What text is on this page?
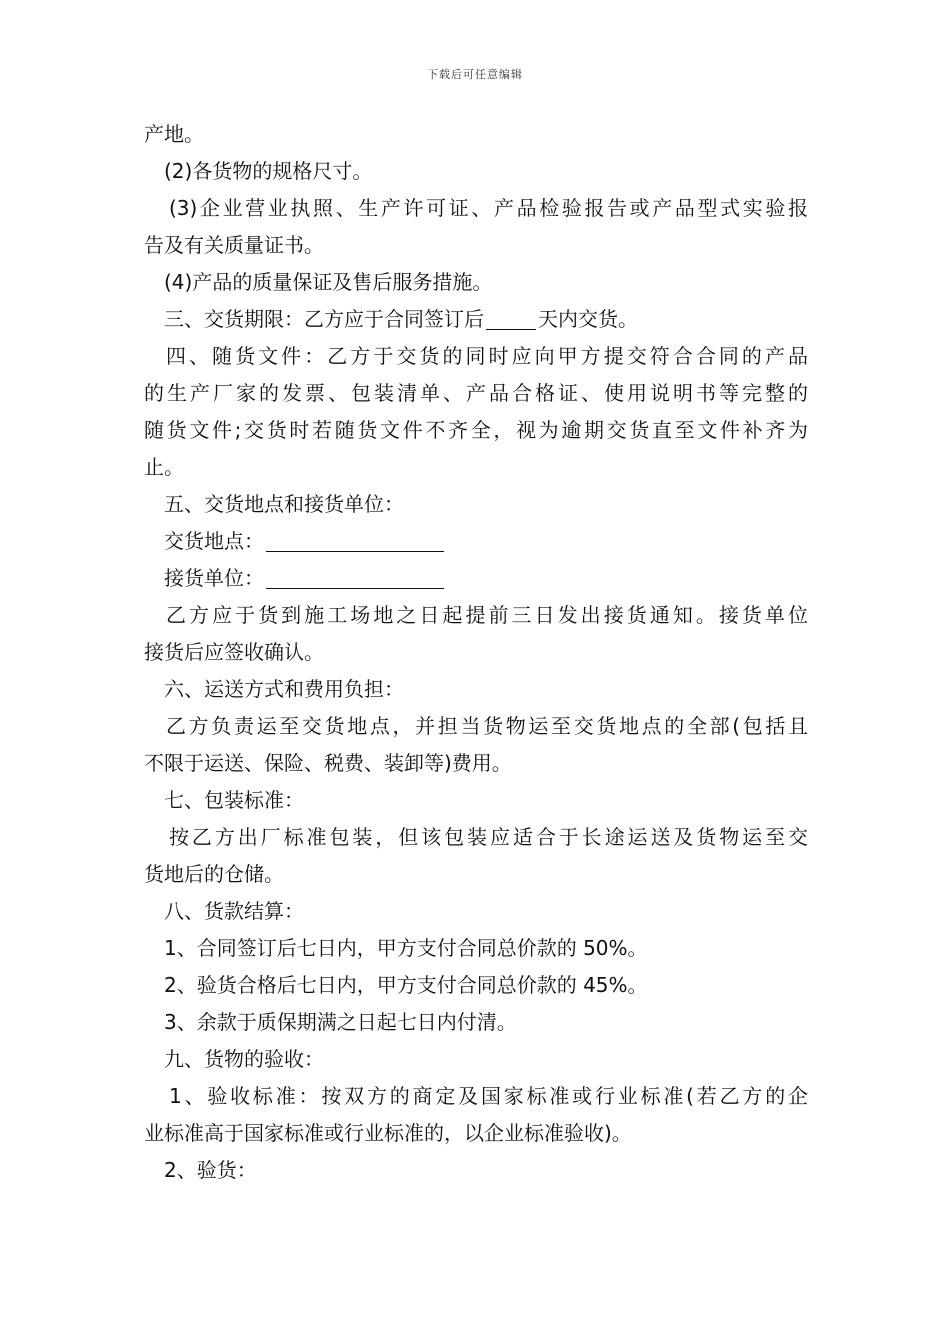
下载后可任意编辑
产地。
(2)各货物的规格尺寸。
(3)企业营业执照、生产许可证、产品检验报告或产品型式实验报
告及有关质量证书。
(4)产品的质量保证及售后服务措施。
三、交货期限：乙方应于合同签订后	天内交货。
四、随货文件：乙方于交货的同时应向甲方提交符合合同的产品
的生产厂家的发票、包装清单、产品合格证、使用说明书等完整的
随货文件;交货时若随货文件不齐全，视为逾期交货直至文件补齐为
止。
五、交货地点和接货单位：
交货地点：
接货单位：
乙方应于货到施工场地之日起提前三日发出接货通知。接货单位
接货后应签收确认。
六、运送方式和费用负担：
乙方负责运至交货地点，并担当货物运至交货地点的全部(包括且
不限于运送、保险、税费、装卸等)费用。
七、包装标准：
按乙方出厂标准包装，但该包装应适合于长途运送及货物运至交
货地后的仓储。
八、货款结算：
1、合同签订后七日内，甲方支付合同总价款的 50%。
2、验货合格后七日内，甲方支付合同总价款的 45%。
3、余款于质保期满之日起七日内付清。
九、货物的验收：
1、验收标准：按双方的商定及国家标准或行业标准(若乙方的企
业标准高于国家标准或行业标准的，以企业标准验收)。
2、验货：
